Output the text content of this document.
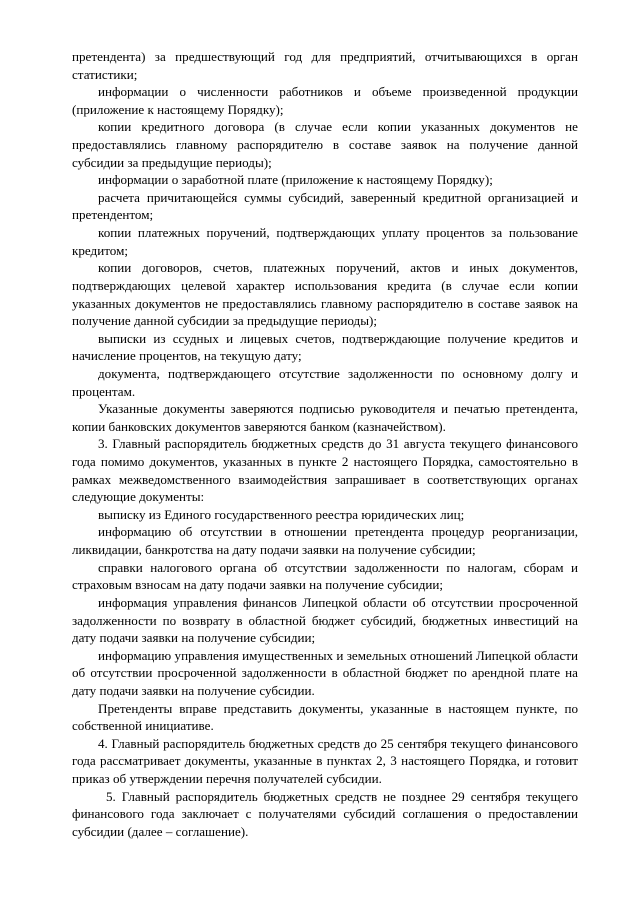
претендента) за предшествующий год для предприятий, отчитывающихся в орган статистики;

информации о численности работников и объеме произведенной продукции (приложение к настоящему Порядку);

копии кредитного договора (в случае если копии указанных документов не предоставлялись главному распорядителю в составе заявок на получение данной субсидии за предыдущие периоды);

информации о заработной плате (приложение к настоящему Порядку);

расчета причитающейся суммы субсидий, заверенный кредитной организацией и претендентом;

копии платежных поручений, подтверждающих уплату процентов за пользование кредитом;

копии договоров, счетов, платежных поручений, актов и иных документов, подтверждающих целевой характер использования кредита (в случае если копии указанных документов не предоставлялись главному распорядителю в составе заявок на получение данной субсидии за предыдущие периоды);

выписки из ссудных и лицевых счетов, подтверждающие получение кредитов и начисление процентов, на текущую дату;

документа, подтверждающего отсутствие задолженности по основному долгу и процентам.

Указанные документы заверяются подписью руководителя и печатью претендента, копии банковских документов заверяются банком (казначейством).

3. Главный распорядитель бюджетных средств до 31 августа текущего финансового года помимо документов, указанных в пункте 2 настоящего Порядка, самостоятельно в рамках межведомственного взаимодействия запрашивает в соответствующих органах следующие документы:

выписку из Единого государственного реестра юридических лиц;

информацию об отсутствии в отношении претендента процедур реорганизации, ликвидации, банкротства на дату подачи заявки на получение субсидии;

справки налогового органа об отсутствии задолженности по налогам, сборам и страховым взносам на дату подачи заявки на получение субсидии;

информация управления финансов Липецкой области об отсутствии просроченной задолженности по возврату в областной бюджет субсидий, бюджетных инвестиций на дату подачи заявки на получение субсидии;

информацию управления имущественных и земельных отношений Липецкой области об отсутствии просроченной задолженности в областной бюджет по арендной плате на дату подачи заявки на получение субсидии.

Претенденты вправе представить документы, указанные в настоящем пункте, по собственной инициативе.

4. Главный распорядитель бюджетных средств до 25 сентября текущего финансового года рассматривает документы, указанные в пунктах 2, 3 настоящего Порядка, и готовит приказ об утверждении перечня получателей субсидии.

5. Главный распорядитель бюджетных средств не позднее 29 сентября текущего финансового года заключает с получателями субсидий соглашения о предоставлении субсидии (далее – соглашение).
